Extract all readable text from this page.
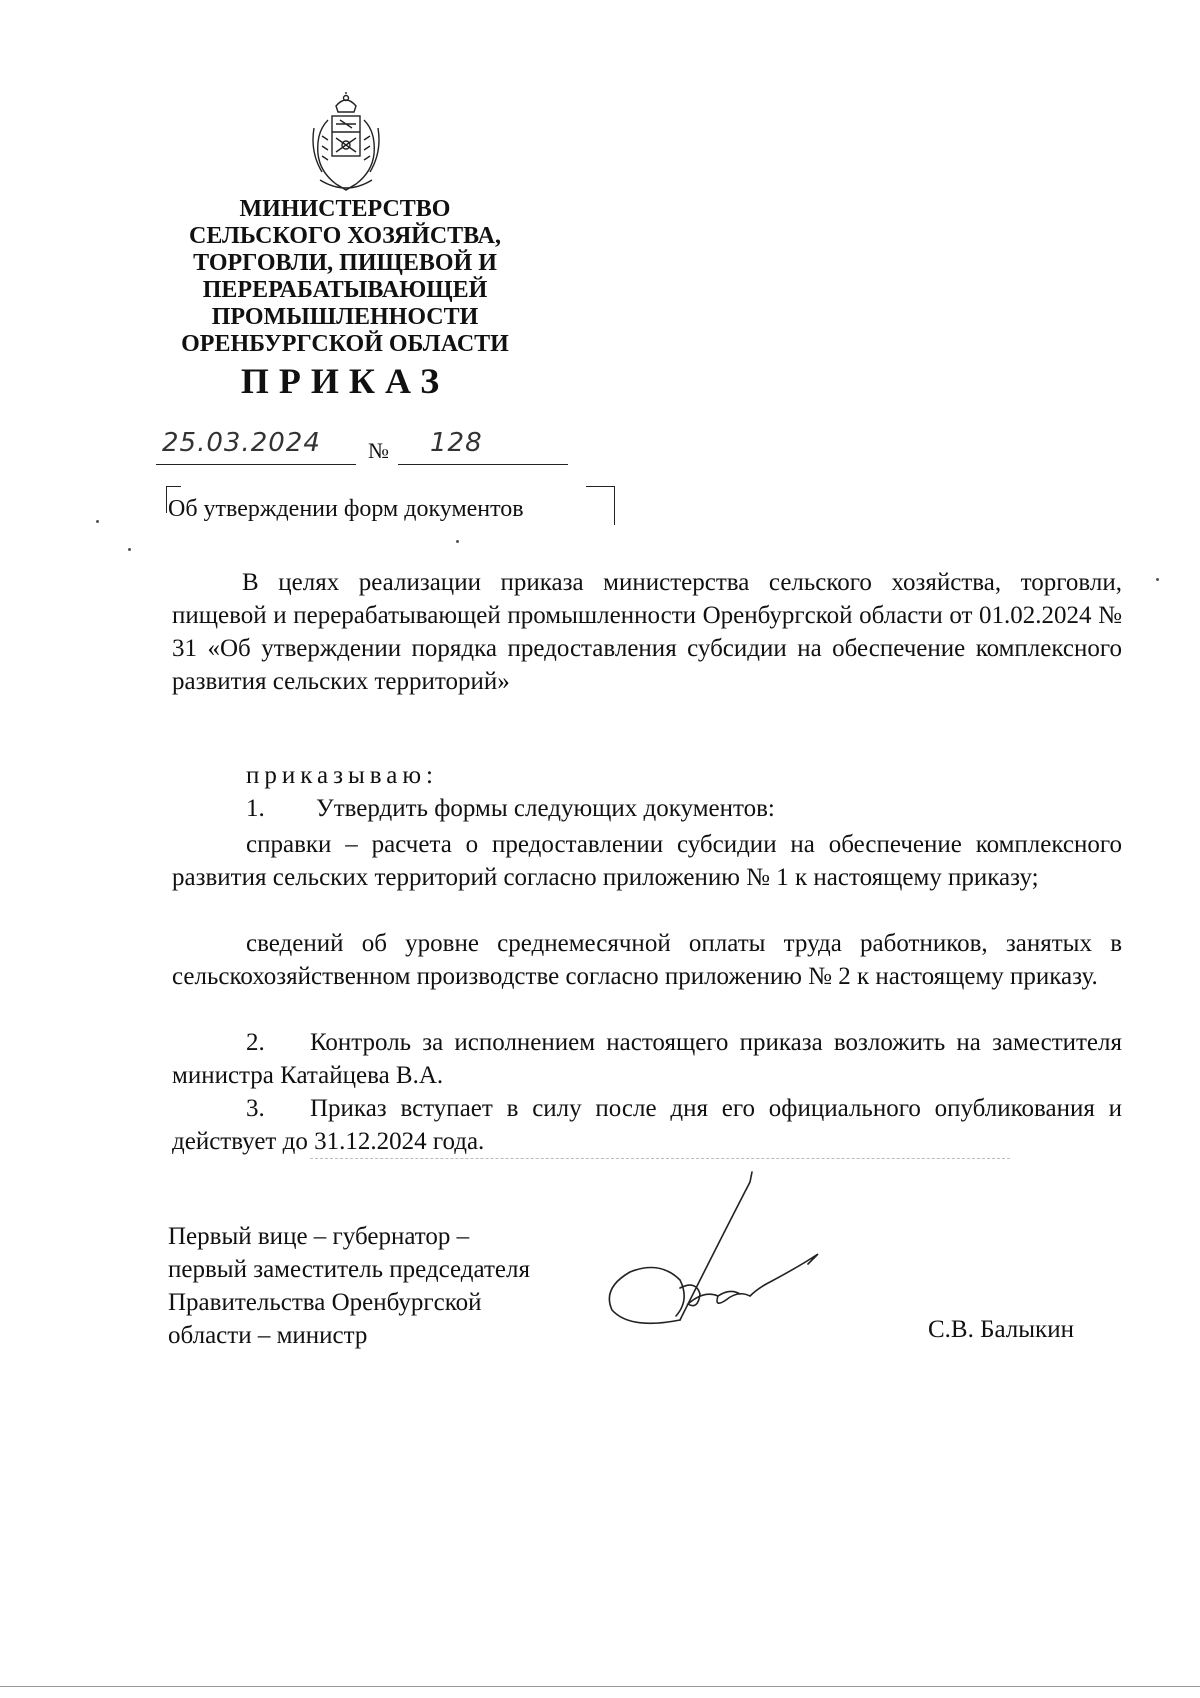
МИНИСТЕРСТВО
СЕЛЬСКОГО ХОЗЯЙСТВА,
ТОРГОВЛИ, ПИЩЕВОЙ И
ПЕРЕРАБАТЫВАЮЩЕЙ
ПРОМЫШЛЕННОСТИ
ОРЕНБУРГСКОЙ ОБЛАСТИ
ПРИКАЗ
25.03.2024 № 128
Об утверждении форм документов
В целях реализации приказа министерства сельского хозяйства, торговли, пищевой и перерабатывающей промышленности Оренбургской области от 01.02.2024 № 31 «Об утверждении порядка предоставления субсидии на обеспечение комплексного развития сельских территорий»
приказываю:
1. Утвердить формы следующих документов:
справки – расчета о предоставлении субсидии на обеспечение комплексного развития сельских территорий согласно приложению № 1 к настоящему приказу;
сведений об уровне среднемесячной оплаты труда работников, занятых в сельскохозяйственном производстве согласно приложению № 2 к настоящему приказу.
2. Контроль за исполнением настоящего приказа возложить на заместителя министра Катайцева В.А.
3. Приказ вступает в силу после дня его официального опубликования и действует до 31.12.2024 года.
Первый вице – губернатор –
первый заместитель председателя
Правительства Оренбургской
области – министр	С.В. Балыкин
